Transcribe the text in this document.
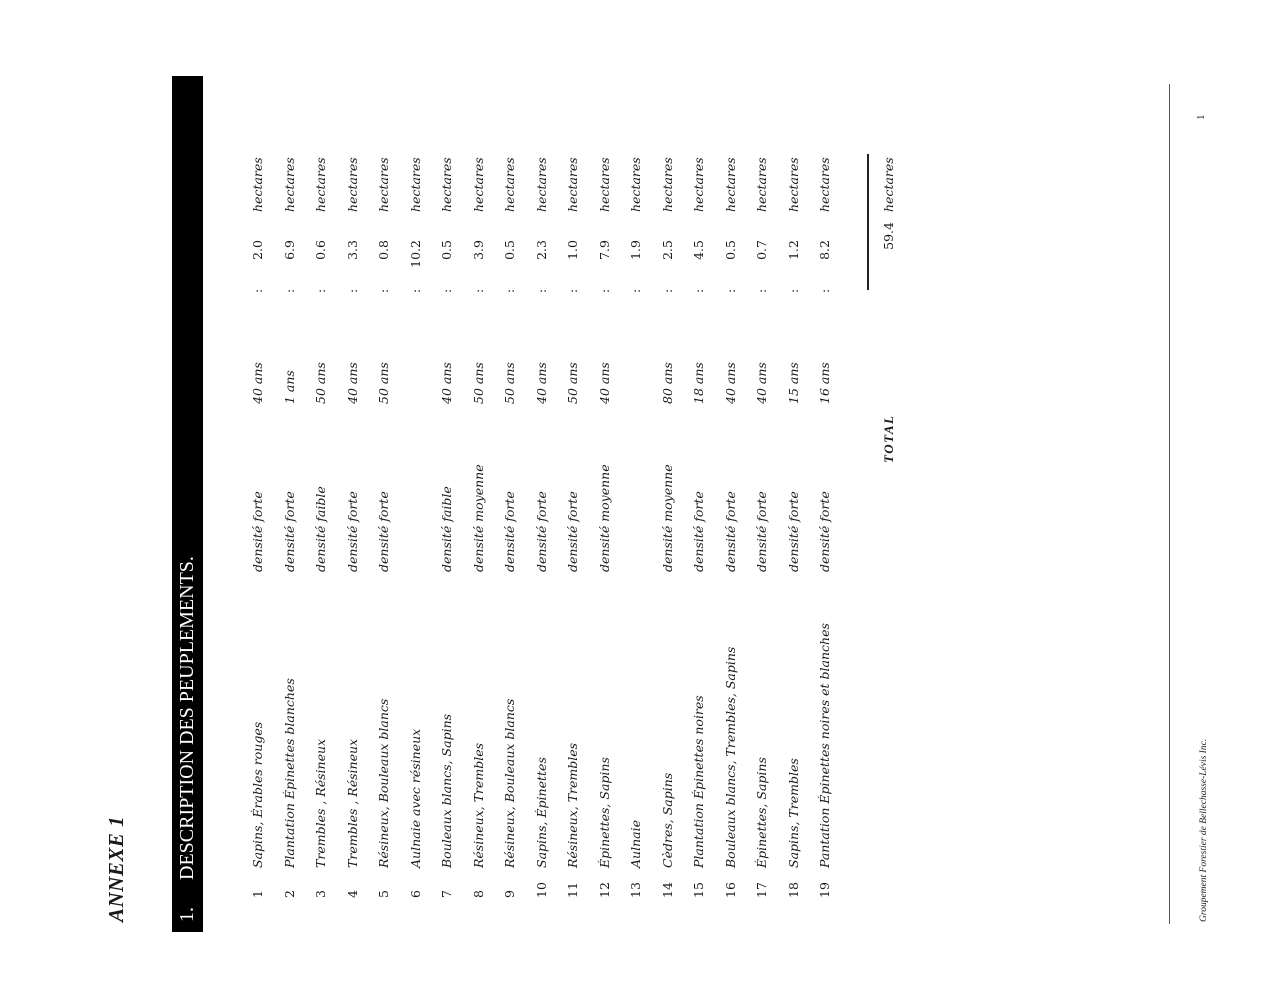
ANNEXE 1 1.DESCRIPTION DES PEUPLEMENTS.
1
Sapins, Érables rouges
densité forte
40 ans
:
2.0
hectares
2
Plantation Épinettes blanches
densité forte
1 ans
:
6.9
hectares
3
Trembles , Résineux
densité faible
50 ans
:
0.6
hectares
4
Trembles , Résineux
densité forte
40 ans
:
3.3
hectares
5
Résineux, Bouleaux blancs
densité forte
50 ans
:
0.8
hectares
6
Aulnaie avec résineux
:
10.2
hectares
7
Bouleaux blancs, Sapins
densité faible
40 ans
:
0.5
hectares
8
Résineux, Trembles
densité moyenne
50 ans
:
3.9
hectares
9
Résineux, Bouleaux blancs
densité forte
50 ans
:
0.5
hectares
10
Sapins, Épinettes
densité forte
40 ans
:
2.3
hectares
11
Résineux, Trembles
densité forte
50 ans
:
1.0
hectares
12
Épinettes, Sapins
densité moyenne
40 ans
:
7.9
hectares
13
Aulnaie
:
1.9
hectares
14
Cèdres, Sapins
densité moyenne
80 ans
:
2.5
hectares
15
Plantation Épinettes noires
densité forte
18 ans
:
4.5
hectares
16
Bouleaux blancs, Trembles, Sapins
densité forte
40 ans
:
0.5
hectares
17
Épinettes, Sapins
densité forte
40 ans
:
0.7
hectares
18
Sapins, Trembles
densité forte
15 ans
:
1.2
hectares
19
Pantation Épinettes noires et blanches
densité forte
16 ans
:
8.2
hectares
TOTAL
59.4
hectares
Groupement Forestier de Bellechasse-Lévis Inc.
1
